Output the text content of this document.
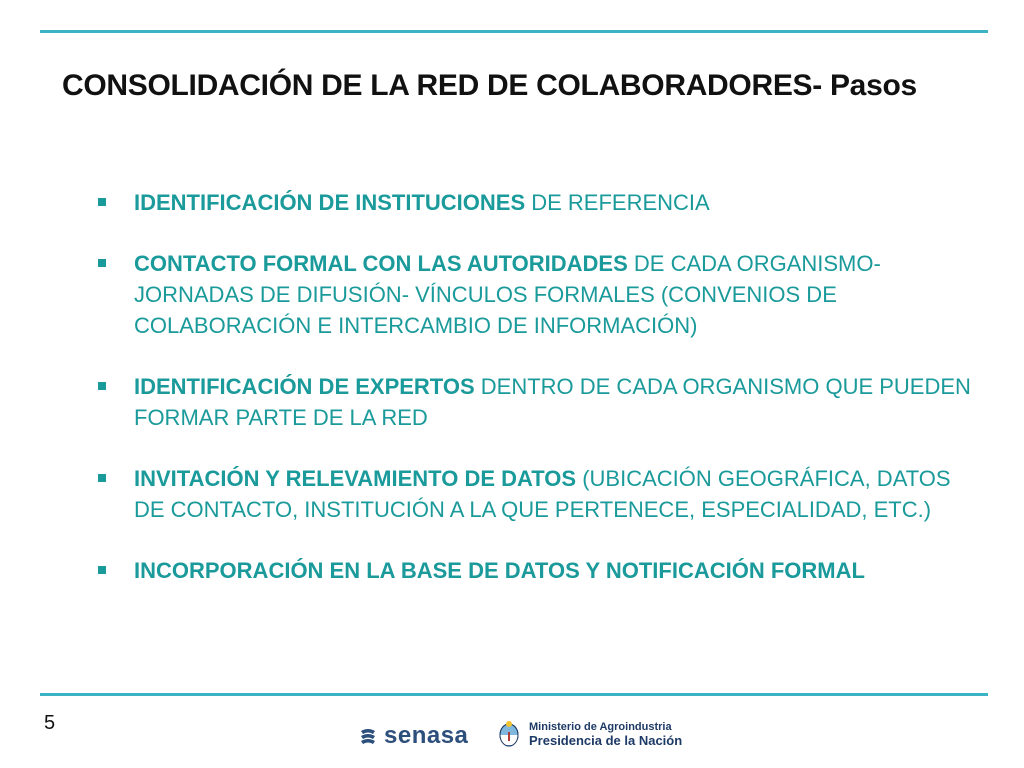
CONSOLIDACIÓN DE LA RED DE COLABORADORES- Pasos
IDENTIFICACIÓN DE INSTITUCIONES DE REFERENCIA
CONTACTO FORMAL CON LAS AUTORIDADES DE CADA ORGANISMO- JORNADAS DE DIFUSIÓN- VÍNCULOS FORMALES (CONVENIOS DE COLABORACIÓN E INTERCAMBIO DE INFORMACIÓN)
IDENTIFICACIÓN DE EXPERTOS DENTRO DE CADA ORGANISMO QUE PUEDEN FORMAR PARTE DE LA RED
INVITACIÓN Y RELEVAMIENTO DE DATOS (UBICACIÓN GEOGRÁFICA, DATOS DE CONTACTO, INSTITUCIÓN A LA QUE PERTENECE, ESPECIALIDAD, ETC.)
INCORPORACIÓN EN LA BASE DE DATOS Y NOTIFICACIÓN FORMAL
5	senasa	Ministerio de Agroindustria
Presidencia de la Nación
